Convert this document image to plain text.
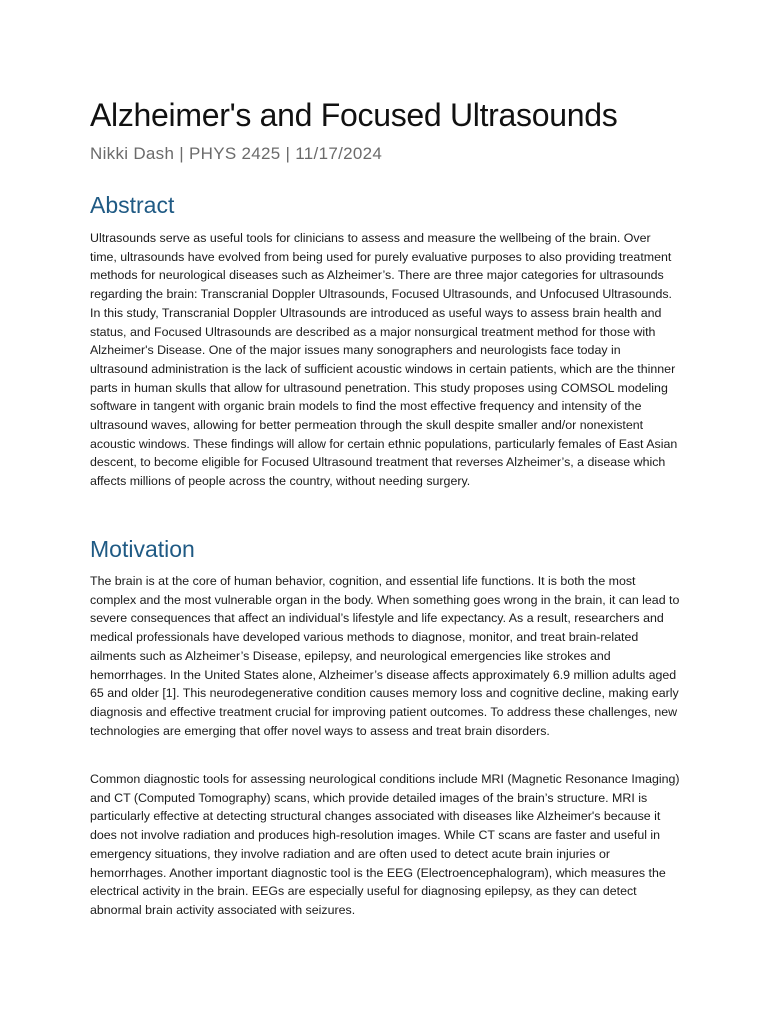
Alzheimer's and Focused Ultrasounds

Nikki Dash | PHYS 2425 | 11/17/2024

Abstract

Ultrasounds serve as useful tools for clinicians to assess and measure the wellbeing of the brain. Over time, ultrasounds have evolved from being used for purely evaluative purposes to also providing treatment methods for neurological diseases such as Alzheimer’s. There are three major categories for ultrasounds regarding the brain: Transcranial Doppler Ultrasounds, Focused Ultrasounds, and Unfocused Ultrasounds. In this study, Transcranial Doppler Ultrasounds are introduced as useful ways to assess brain health and status, and Focused Ultrasounds are described as a major nonsurgical treatment method for those with Alzheimer's Disease. One of the major issues many sonographers and neurologists face today in ultrasound administration is the lack of sufficient acoustic windows in certain patients, which are the thinner parts in human skulls that allow for ultrasound penetration. This study proposes using COMSOL modeling software in tangent with organic brain models to find the most effective frequency and intensity of the ultrasound waves, allowing for better permeation through the skull despite smaller and/or nonexistent acoustic windows. These findings will allow for certain ethnic populations, particularly females of East Asian descent, to become eligible for Focused Ultrasound treatment that reverses Alzheimer’s, a disease which affects millions of people across the country, without needing surgery.

Motivation

The brain is at the core of human behavior, cognition, and essential life functions. It is both the most complex and the most vulnerable organ in the body. When something goes wrong in the brain, it can lead to severe consequences that affect an individual’s lifestyle and life expectancy. As a result, researchers and medical professionals have developed various methods to diagnose, monitor, and treat brain-related ailments such as Alzheimer’s Disease, epilepsy, and neurological emergencies like strokes and hemorrhages. In the United States alone, Alzheimer’s disease affects approximately 6.9 million adults aged 65 and older [1]. This neurodegenerative condition causes memory loss and cognitive decline, making early diagnosis and effective treatment crucial for improving patient outcomes. To address these challenges, new technologies are emerging that offer novel ways to assess and treat brain disorders.

Common diagnostic tools for assessing neurological conditions include MRI (Magnetic Resonance Imaging) and CT (Computed Tomography) scans, which provide detailed images of the brain’s structure. MRI is particularly effective at detecting structural changes associated with diseases like Alzheimer's because it does not involve radiation and produces high-resolution images. While CT scans are faster and useful in emergency situations, they involve radiation and are often used to detect acute brain injuries or hemorrhages. Another important diagnostic tool is the EEG (Electroencephalogram), which measures the electrical activity in the brain. EEGs are especially useful for diagnosing epilepsy, as they can detect abnormal brain activity associated with seizures.
